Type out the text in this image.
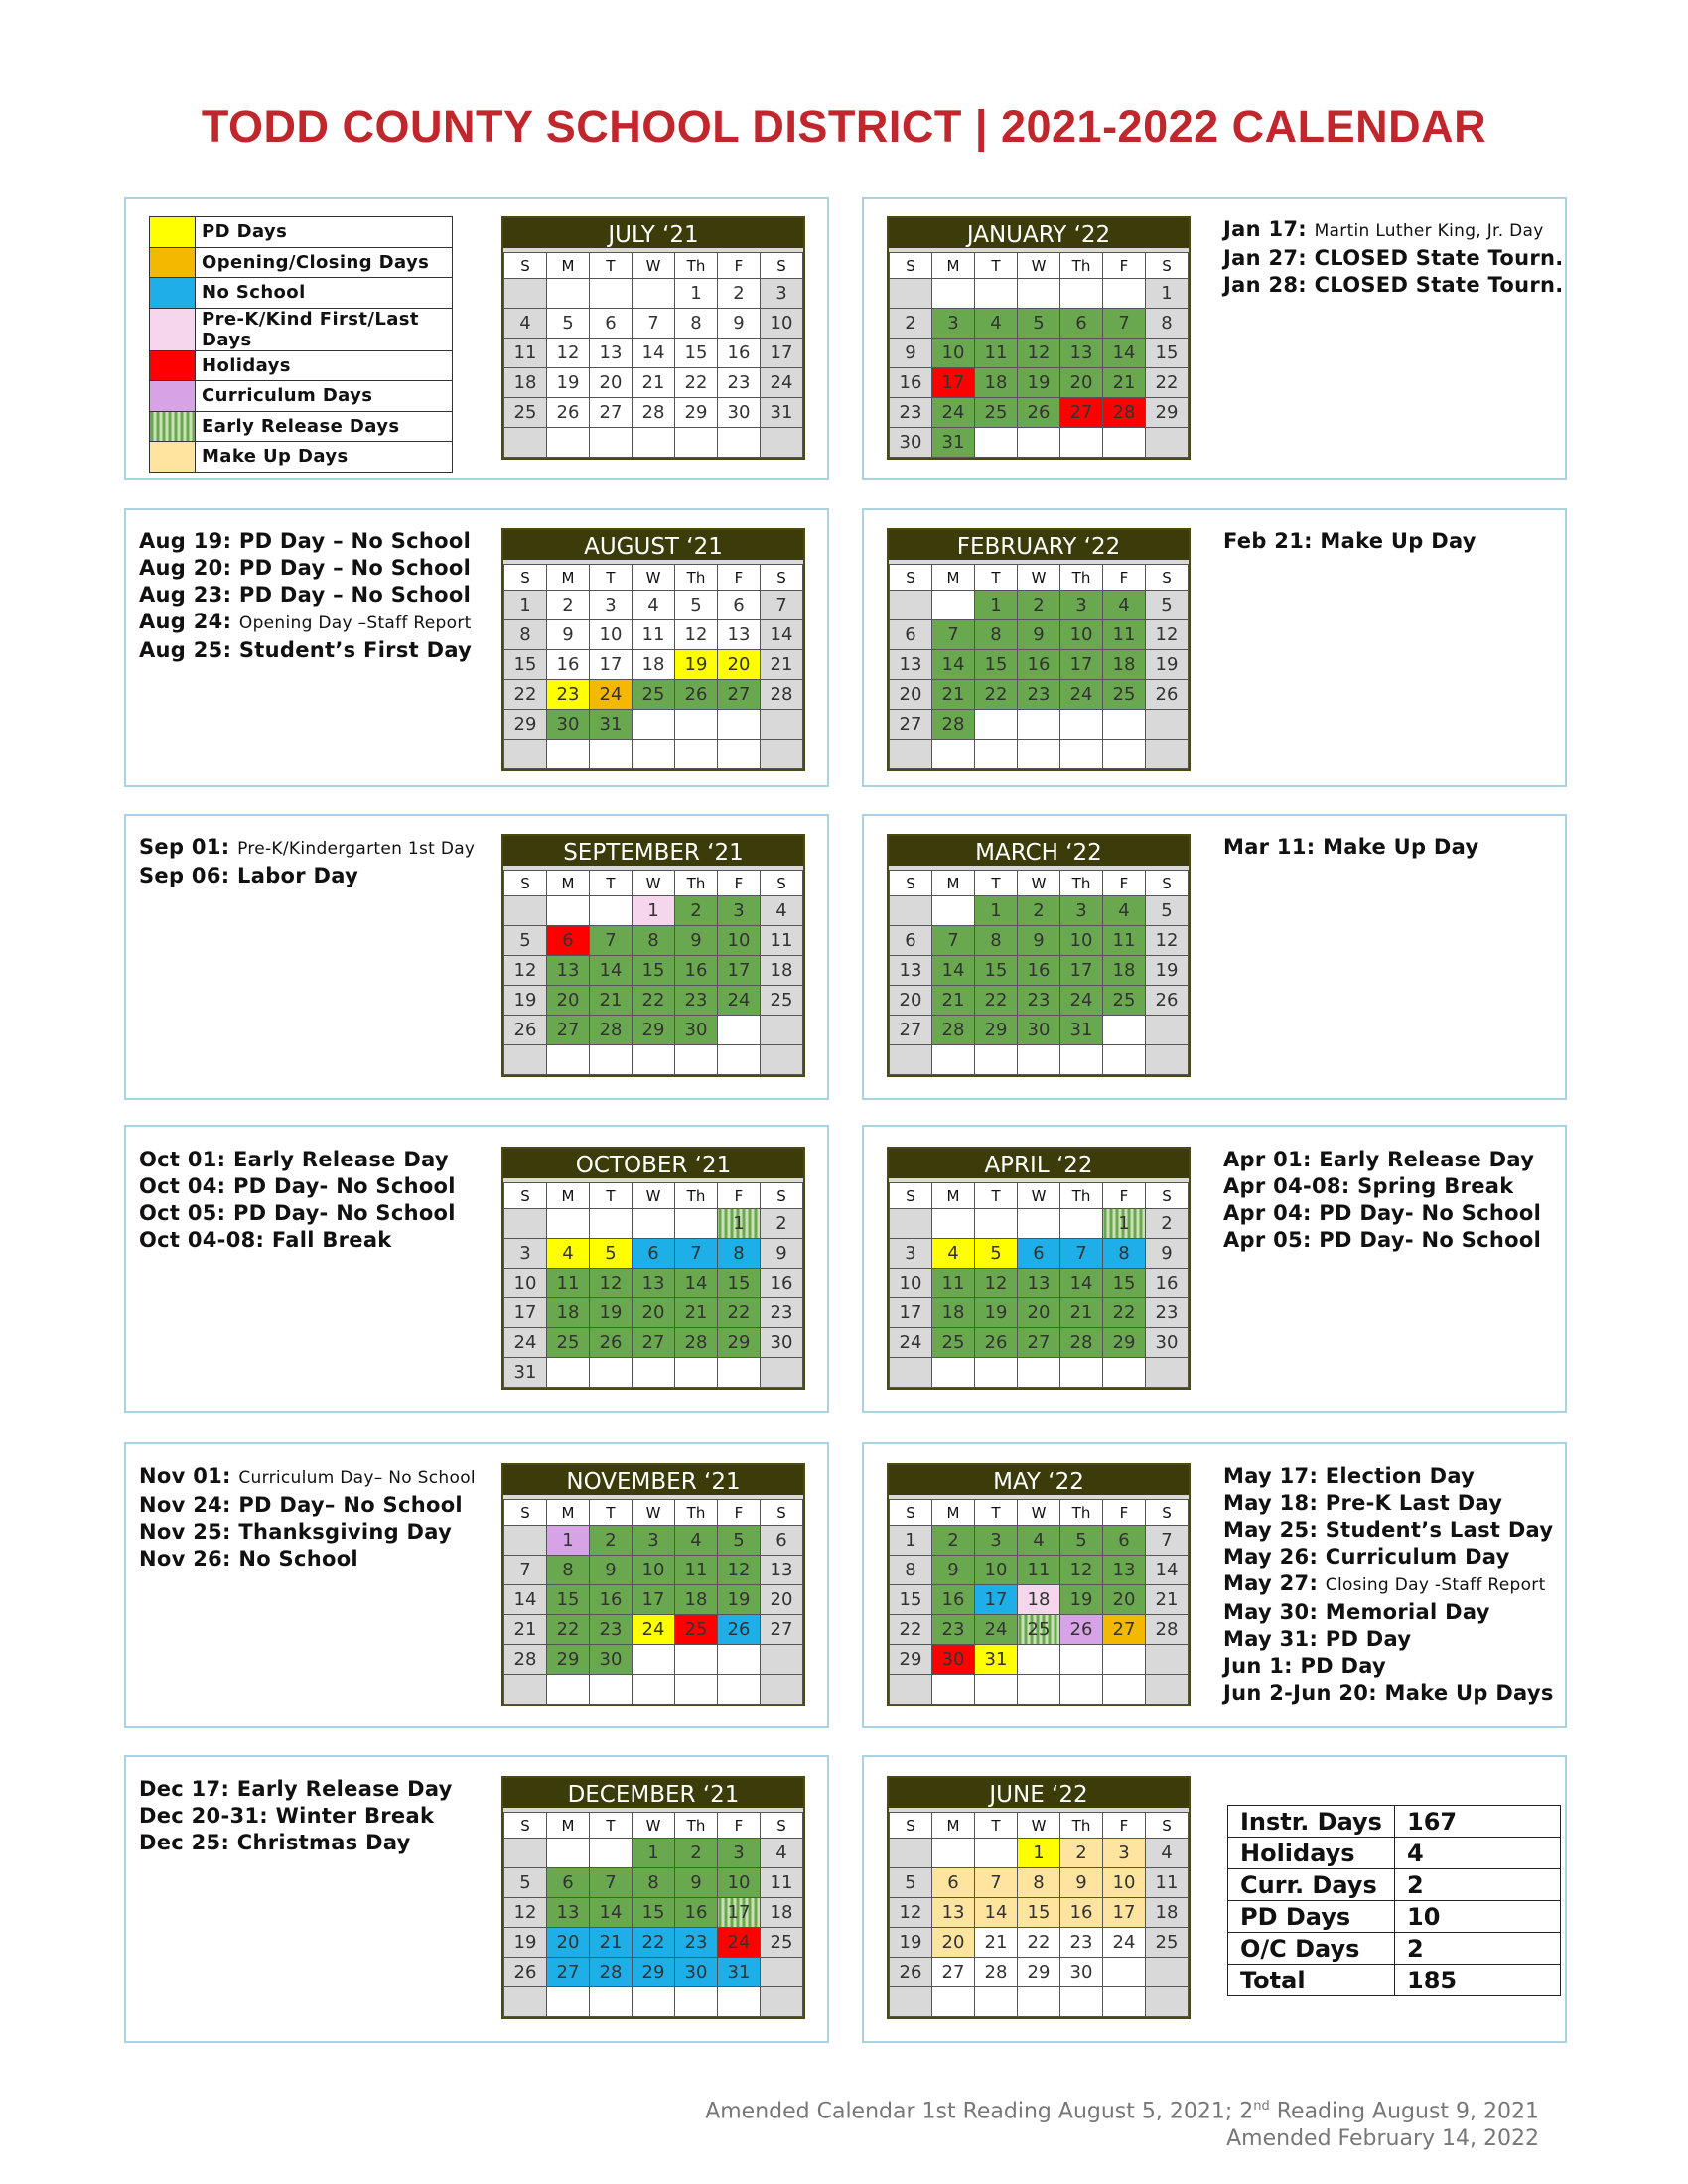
TODD COUNTY SCHOOL DISTRICT | 2021-2022 CALENDAR
	PD Days
	Opening/Closing Days
	No School
	Pre-K/Kind First/Last Days
	Holidays
	Curriculum Days
	Early Release Days
	Make Up Days
JULY ‘21
S	M	T	W	Th	F	S
				1	2	3
4	5	6	7	8	9	10
11	12	13	14	15	16	17
18	19	20	21	22	23	24
25	26	27	28	29	30	31

JANUARY ‘22
S	M	T	W	Th	F	S
						1
2	3	4	5	6	7	8
9	10	11	12	13	14	15
16	17	18	19	20	21	22
23	24	25	26	27	28	29
30	31					
AUGUST ‘21
S	M	T	W	Th	F	S
1	2	3	4	5	6	7
8	9	10	11	12	13	14
15	16	17	18	19	20	21
22	23	24	25	26	27	28
29	30	31				

FEBRUARY ‘22
S	M	T	W	Th	F	S
		1	2	3	4	5
6	7	8	9	10	11	12
13	14	15	16	17	18	19
20	21	22	23	24	25	26
27	28					

SEPTEMBER ‘21
S	M	T	W	Th	F	S
			1	2	3	4
5	6	7	8	9	10	11
12	13	14	15	16	17	18
19	20	21	22	23	24	25
26	27	28	29	30		

MARCH ‘22
S	M	T	W	Th	F	S
		1	2	3	4	5
6	7	8	9	10	11	12
13	14	15	16	17	18	19
20	21	22	23	24	25	26
27	28	29	30	31		

OCTOBER ‘21
S	M	T	W	Th	F	S
					1	2
3	4	5	6	7	8	9
10	11	12	13	14	15	16
17	18	19	20	21	22	23
24	25	26	27	28	29	30
31						
APRIL ‘22
S	M	T	W	Th	F	S
					1	2
3	4	5	6	7	8	9
10	11	12	13	14	15	16
17	18	19	20	21	22	23
24	25	26	27	28	29	30

NOVEMBER ‘21
S	M	T	W	Th	F	S
	1	2	3	4	5	6
7	8	9	10	11	12	13
14	15	16	17	18	19	20
21	22	23	24	25	26	27
28	29	30				

MAY ‘22
S	M	T	W	Th	F	S
1	2	3	4	5	6	7
8	9	10	11	12	13	14
15	16	17	18	19	20	21
22	23	24	25	26	27	28
29	30	31				

DECEMBER ‘21
S	M	T	W	Th	F	S
			1	2	3	4
5	6	7	8	9	10	11
12	13	14	15	16	17	18
19	20	21	22	23	24	25
26	27	28	29	30	31	

JUNE ‘22
S	M	T	W	Th	F	S
			1	2	3	4
5	6	7	8	9	10	11
12	13	14	15	16	17	18
19	20	21	22	23	24	25
26	27	28	29	30		

Jan 17: Martin Luther King, Jr. Day
Jan 27: CLOSED State Tourn.
Jan 28: CLOSED State Tourn.
Aug 19: PD Day – No School
Aug 20: PD Day – No School
Aug 23: PD Day – No School
Aug 24: Opening Day –Staff Report
Aug 25: Student’s First Day
Feb 21: Make Up Day
Sep 01: Pre-K/Kindergarten 1st Day
Sep 06: Labor Day
Mar 11: Make Up Day
Oct 01: Early Release Day
Oct 04: PD Day- No School
Oct 05: PD Day- No School
Oct 04-08: Fall Break
Apr 01: Early Release Day
Apr 04-08: Spring Break
Apr 04: PD Day- No School
Apr 05: PD Day- No School
Nov 01: Curriculum Day– No School
Nov 24: PD Day– No School
Nov 25: Thanksgiving Day
Nov 26: No School
May 17: Election Day
May 18: Pre-K Last Day
May 25: Student’s Last Day
May 26: Curriculum Day
May 27: Closing Day -Staff Report
May 30: Memorial Day
May 31: PD Day
Jun 1: PD Day
Jun 2-Jun 20: Make Up Days
Dec 17: Early Release Day
Dec 20-31: Winter Break
Dec 25: Christmas Day
Instr. Days	167
Holidays	4
Curr. Days	2
PD Days	10
O/C Days	2
Total	185
Amended Calendar 1st Reading August 5, 2021; 2nd Reading August 9, 2021
Amended February 14, 2022
